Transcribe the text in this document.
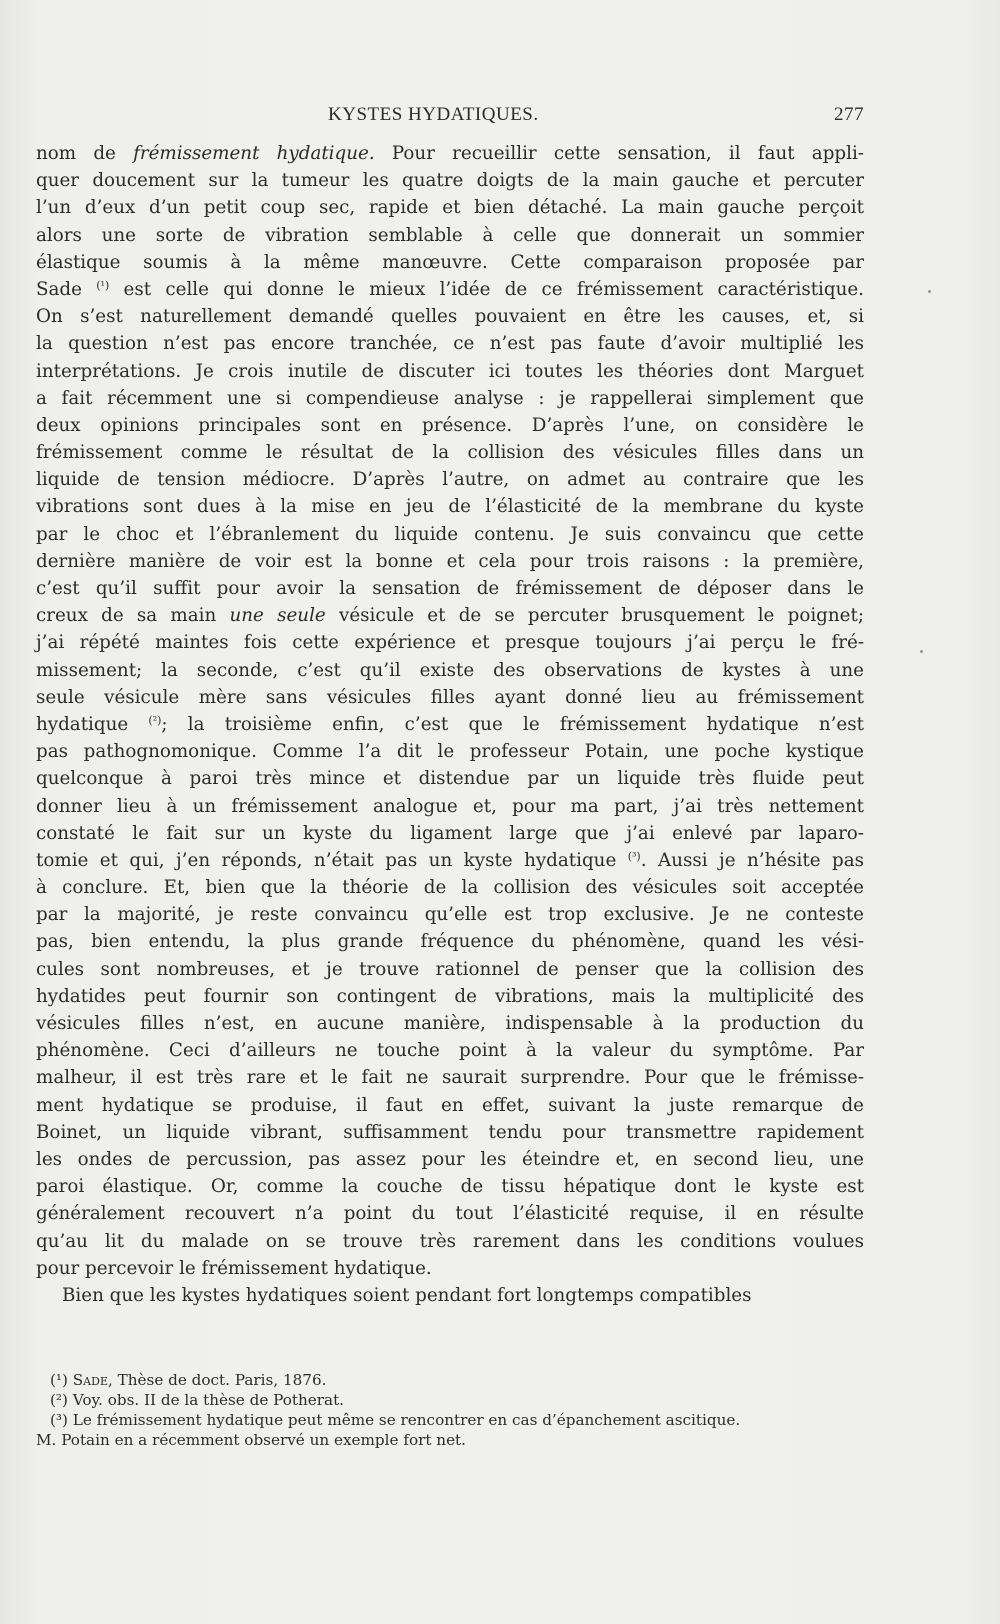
KYSTES HYDATIQUES.	277
nom de frémissement hydatique. Pour recueillir cette sensation, il faut appli-
quer doucement sur la tumeur les quatre doigts de la main gauche et percuter
l’un d’eux d’un petit coup sec, rapide et bien détaché. La main gauche perçoit
alors une sorte de vibration semblable à celle que donnerait un sommier
élastique soumis à la même manœuvre. Cette comparaison proposée par
Sade $^{(^1)}$ est celle qui donne le mieux l’idée de ce frémissement caractéristique.
On s’est naturellement demandé quelles pouvaient en être les causes, et, si
la question n’est pas encore tranchée, ce n’est pas faute d’avoir multiplié les
interprétations. Je crois inutile de discuter ici toutes les théories dont Marguet
a fait récemment une si compendieuse analyse : je rappellerai simplement que
deux opinions principales sont en présence. D’après l’une, on considère le
frémissement comme le résultat de la collision des vésicules filles dans un
liquide de tension médiocre. D’après l’autre, on admet au contraire que les
vibrations sont dues à la mise en jeu de l’élasticité de la membrane du kyste
par le choc et l’ébranlement du liquide contenu. Je suis convaincu que cette
dernière manière de voir est la bonne et cela pour trois raisons : la première,
c’est qu’il suffit pour avoir la sensation de frémissement de déposer dans le
creux de sa main une seule vésicule et de se percuter brusquement le poignet;
j’ai répété maintes fois cette expérience et presque toujours j’ai perçu le fré-
missement; la seconde, c’est qu’il existe des observations de kystes à une
seule vésicule mère sans vésicules filles ayant donné lieu au frémissement
hydatique $^{(^2)}$; la troisième enfin, c’est que le frémissement hydatique n’est
pas pathognomonique. Comme l’a dit le professeur Potain, une poche kystique
quelconque à paroi très mince et distendue par un liquide très fluide peut
donner lieu à un frémissement analogue et, pour ma part, j’ai très nettement
constaté le fait sur un kyste du ligament large que j’ai enlevé par laparo-
tomie et qui, j’en réponds, n’était pas un kyste hydatique $^{(^3)}$. Aussi je n’hésite pas
à conclure. Et, bien que la théorie de la collision des vésicules soit acceptée
par la majorité, je reste convaincu qu’elle est trop exclusive. Je ne conteste
pas, bien entendu, la plus grande fréquence du phénomène, quand les vési-
cules sont nombreuses, et je trouve rationnel de penser que la collision des
hydatides peut fournir son contingent de vibrations, mais la multiplicité des
vésicules filles n’est, en aucune manière, indispensable à la production du
phénomène. Ceci d’ailleurs ne touche point à la valeur du symptôme. Par
malheur, il est très rare et le fait ne saurait surprendre. Pour que le frémisse-
ment hydatique se produise, il faut en effet, suivant la juste remarque de
Boinet, un liquide vibrant, suffisamment tendu pour transmettre rapidement
les ondes de percussion, pas assez pour les éteindre et, en second lieu, une
paroi élastique. Or, comme la couche de tissu hépatique dont le kyste est
généralement recouvert n’a point du tout l’élasticité requise, il en résulte
qu’au lit du malade on se trouve très rarement dans les conditions voulues
pour percevoir le frémissement hydatique.
Bien que les kystes hydatiques soient pendant fort longtemps compatibles
(¹) Sade, Thèse de doct. Paris, 1876.
(²) Voy. obs. II de la thèse de Potherat.
(³) Le frémissement hydatique peut même se rencontrer en cas d’épanchement ascitique.
M. Potain en a récemment observé un exemple fort net.
